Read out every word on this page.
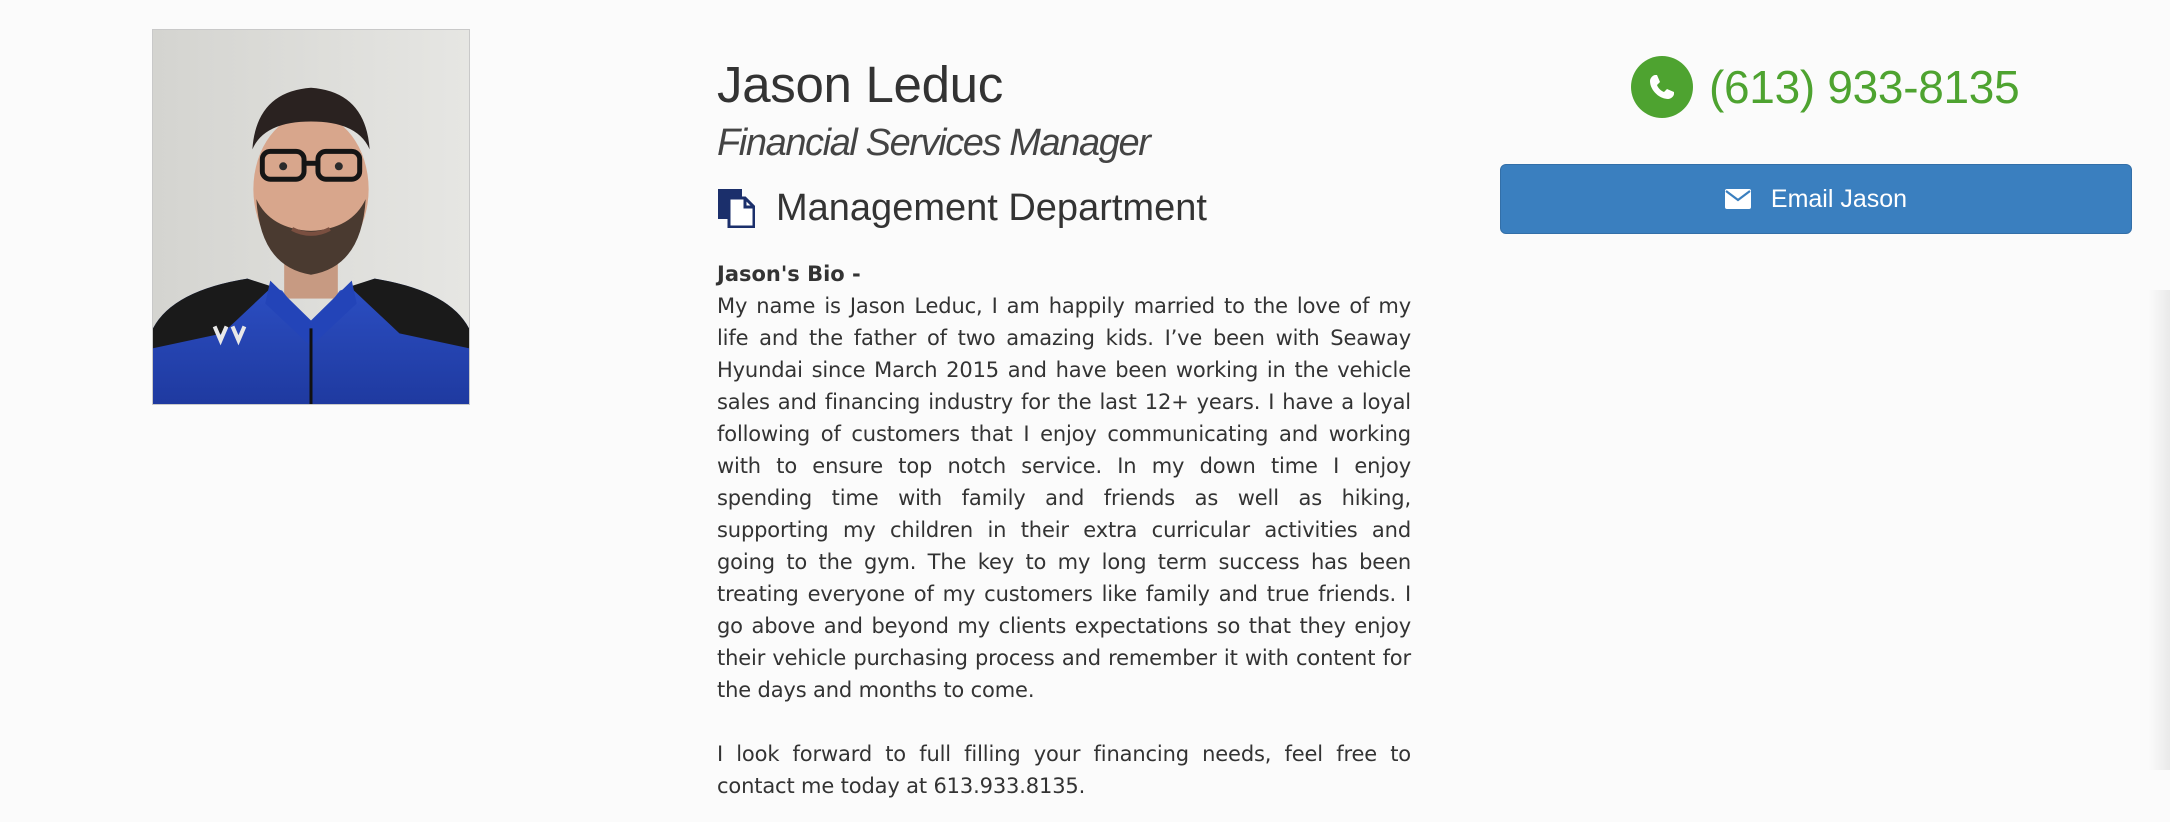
Jason Leduc
Financial Services Manager
Management Department
Jason's Bio -

My name is Jason Leduc, I am happily married to the love of my life and the father of two amazing kids. I’ve been with Seaway Hyundai since March 2015 and have been working in the vehicle sales and financing industry for the last 12+ years. I have a loyal following of customers that I enjoy communicating and working with to ensure top notch service. In my down time I enjoy spending time with family and friends as well as hiking, supporting my children in their extra curricular activities and going to the gym. The key to my long term success has been treating everyone of my customers like family and true friends. I go above and beyond my clients expectations so that they enjoy their vehicle purchasing process and remember it with content for the days and months to come.

I look forward to full filling your financing needs, feel free to contact me today at 613.933.8135.

(613) 933-8135
Email Jason
